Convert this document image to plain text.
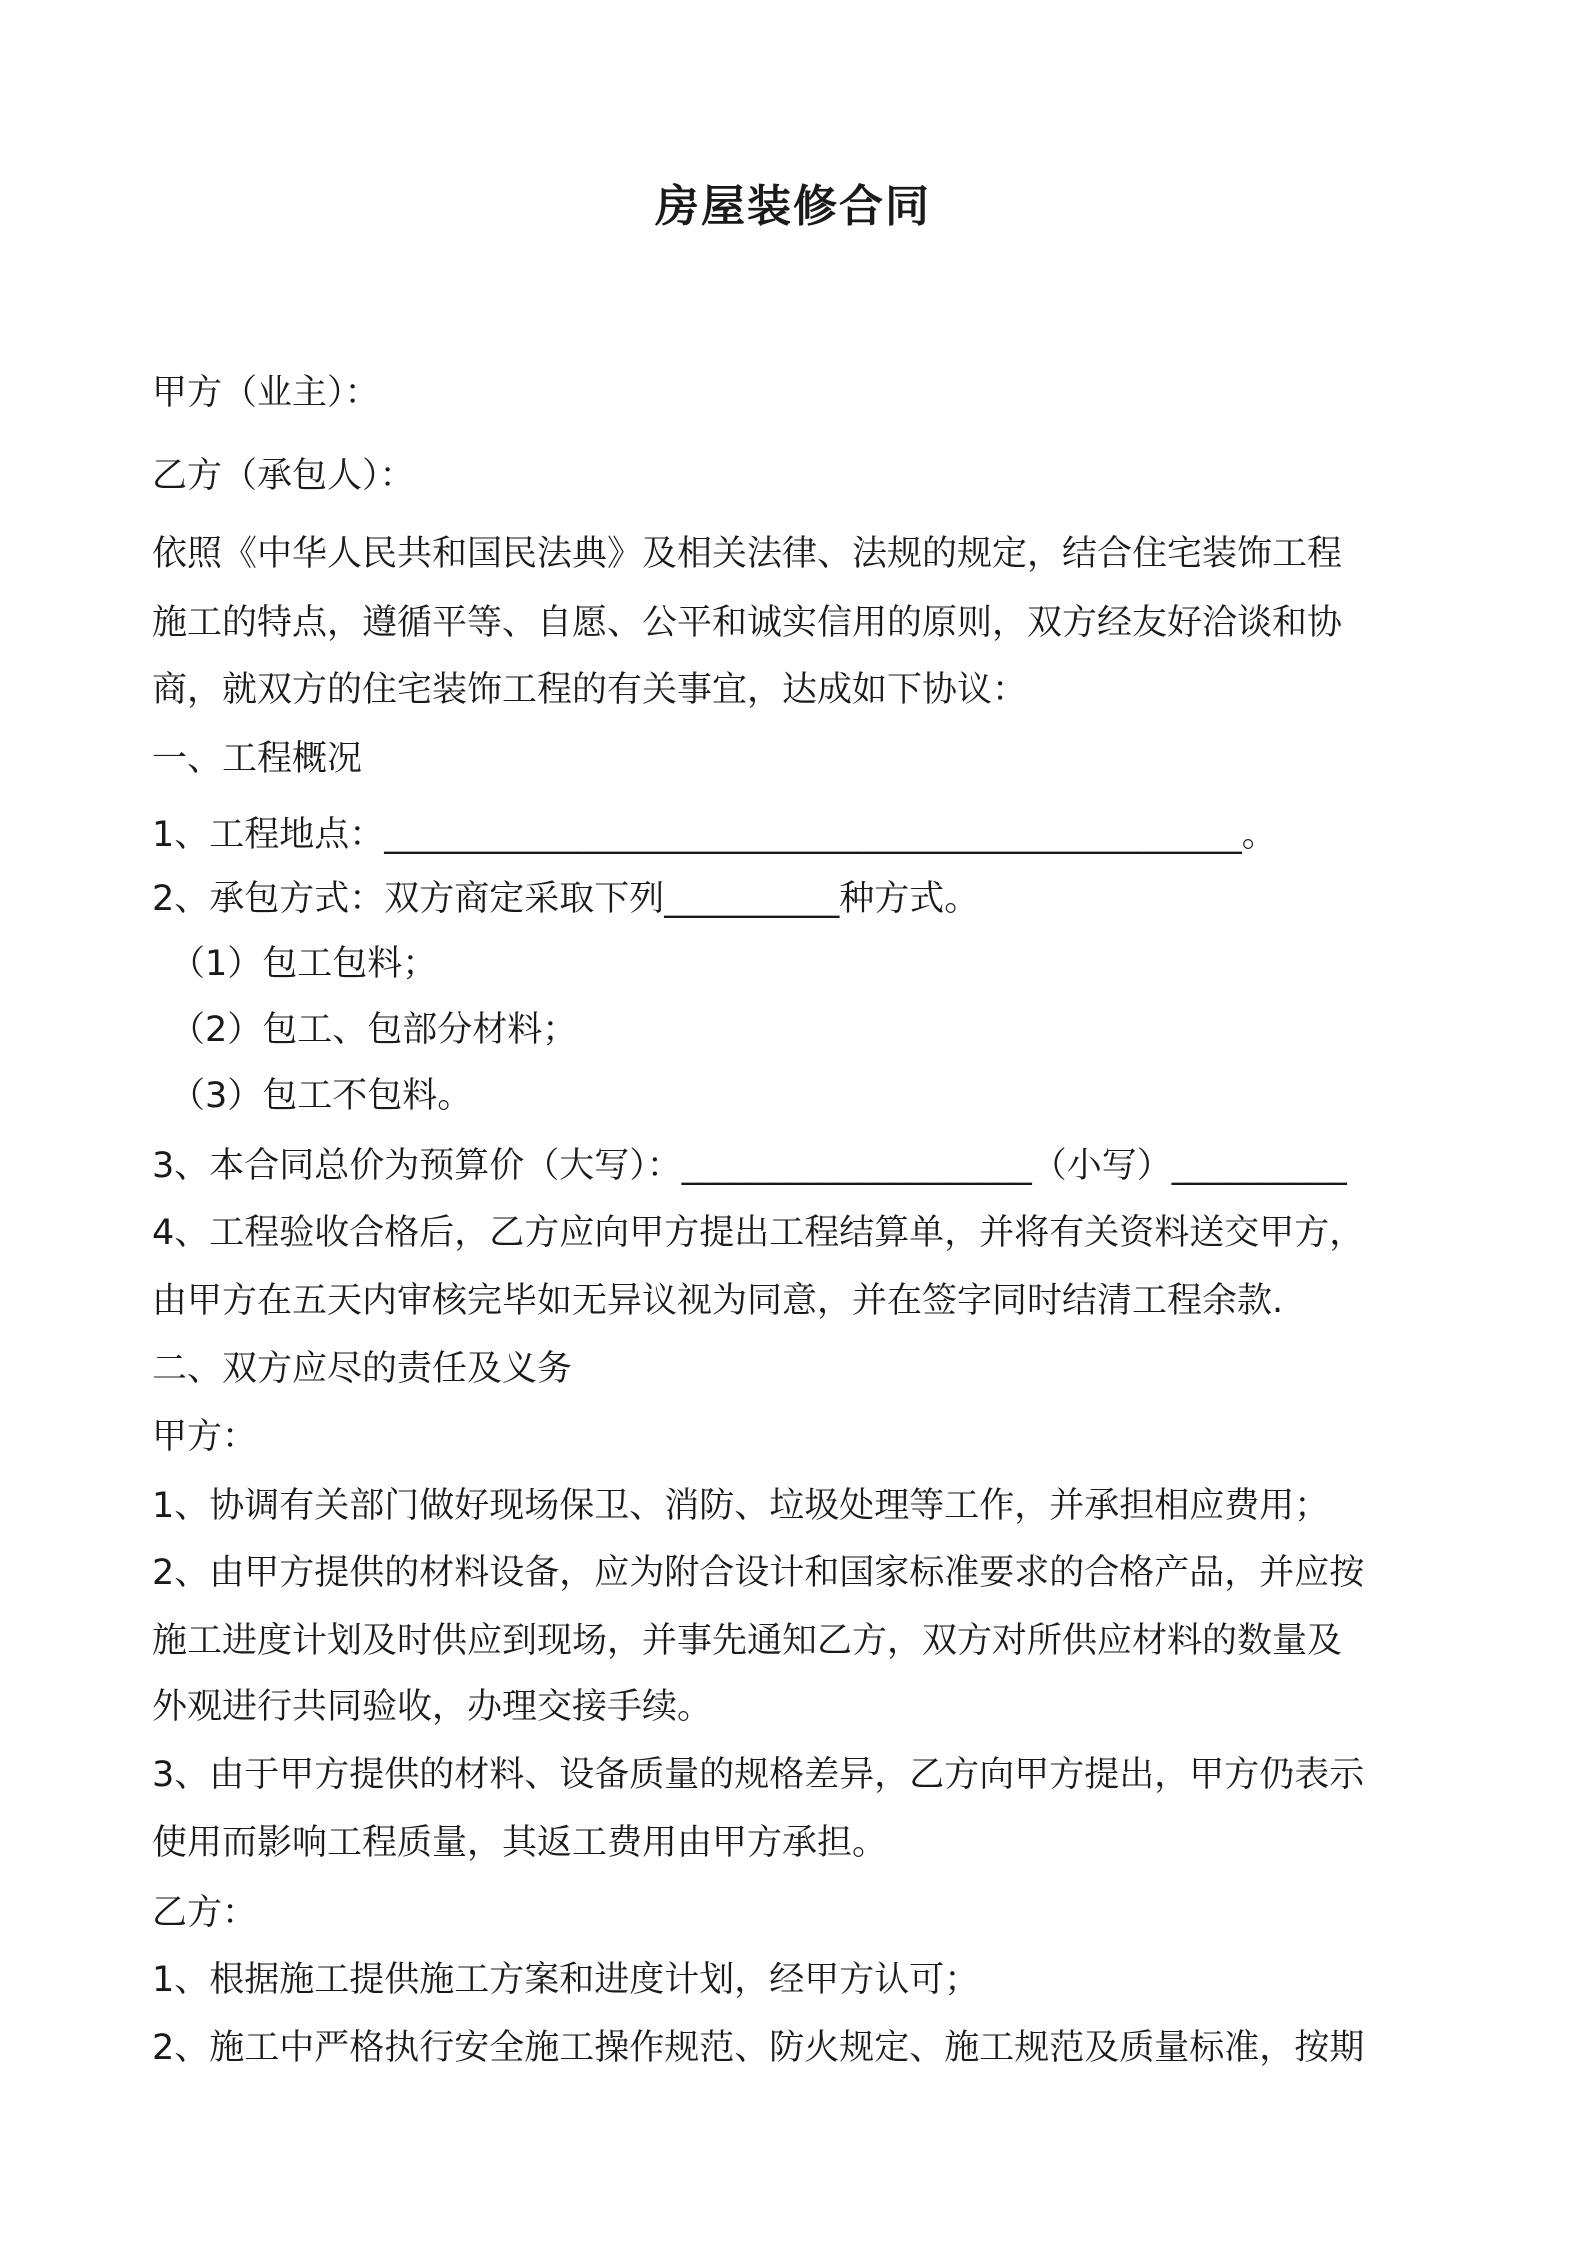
房屋装修合同
甲方（业主）：
乙方（承包人）：
依照《中华人民共和国民法典》及相关法律、法规的规定，结合住宅装饰工程
施工的特点，遵循平等、自愿、公平和诚实信用的原则，双方经友好洽谈和协
商，就双方的住宅装饰工程的有关事宜，达成如下协议：
一、工程概况
1、工程地点：_________________________________________________。
2、承包方式：双方商定采取下列__________种方式。
（1）包工包料；
（2）包工、包部分材料；
（3）包工不包料。
3、本合同总价为预算价（大写）：____________________（小写）__________
4、工程验收合格后，乙方应向甲方提出工程结算单，并将有关资料送交甲方，
由甲方在五天内审核完毕如无异议视为同意，并在签字同时结清工程余款.
二、双方应尽的责任及义务
甲方：
1、协调有关部门做好现场保卫、消防、垃圾处理等工作，并承担相应费用；
2、由甲方提供的材料设备，应为附合设计和国家标准要求的合格产品，并应按
施工进度计划及时供应到现场，并事先通知乙方，双方对所供应材料的数量及
外观进行共同验收，办理交接手续。
3、由于甲方提供的材料、设备质量的规格差异，乙方向甲方提出，甲方仍表示
使用而影响工程质量，其返工费用由甲方承担。
乙方：
1、根据施工提供施工方案和进度计划，经甲方认可；
2、施工中严格执行安全施工操作规范、防火规定、施工规范及质量标准，按期
